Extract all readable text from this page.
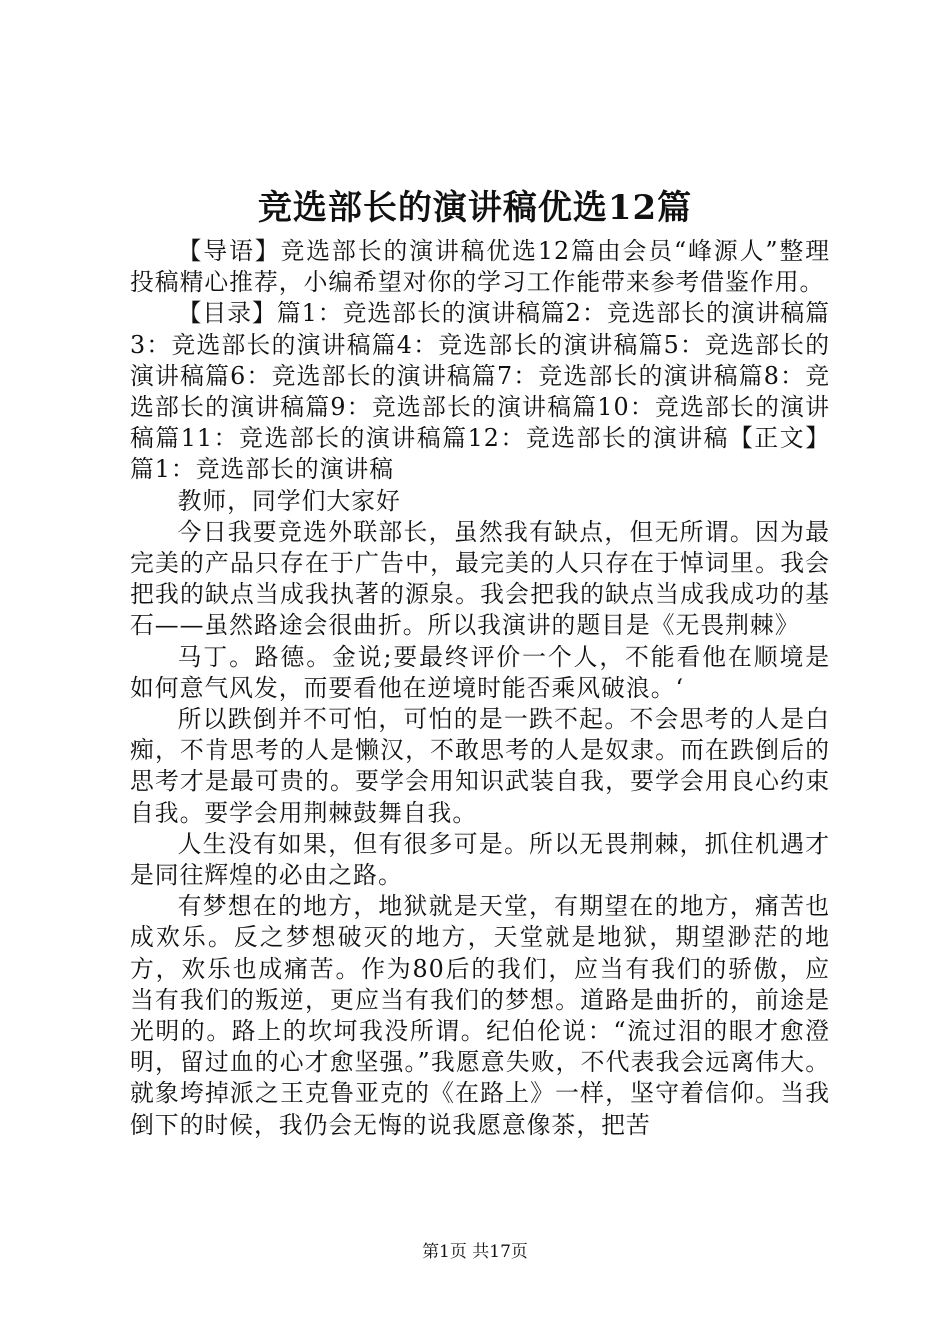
竞选部长的演讲稿优选12篇

【导语】竞选部长的演讲稿优选12篇由会员“峰源人”整理投稿精心推荐，小编希望对你的学习工作能带来参考借鉴作用。

【目录】篇1：竞选部长的演讲稿篇2：竞选部长的演讲稿篇3：竞选部长的演讲稿篇4：竞选部长的演讲稿篇5：竞选部长的演讲稿篇6：竞选部长的演讲稿篇7：竞选部长的演讲稿篇8：竞选部长的演讲稿篇9：竞选部长的演讲稿篇10：竞选部长的演讲稿篇11：竞选部长的演讲稿篇12：竞选部长的演讲稿【正文】篇1：竞选部长的演讲稿

教师，同学们大家好

今日我要竞选外联部长，虽然我有缺点，但无所谓。因为最完美的产品只存在于广告中，最完美的人只存在于悼词里。我会把我的缺点当成我执著的源泉。我会把我的缺点当成我成功的基石——虽然路途会很曲折。所以我演讲的题目是《无畏荆棘》

马丁。路德。金说;要最终评价一个人，不能看他在顺境是如何意气风发，而要看他在逆境时能否乘风破浪。‘

所以跌倒并不可怕，可怕的是一跌不起。不会思考的人是白痴，不肯思考的人是懒汉，不敢思考的人是奴隶。而在跌倒后的思考才是最可贵的。要学会用知识武装自我，要学会用良心约束自我。要学会用荆棘鼓舞自我。

人生没有如果，但有很多可是。所以无畏荆棘，抓住机遇才是同往辉煌的必由之路。

有梦想在的地方，地狱就是天堂，有期望在的地方，痛苦也成欢乐。反之梦想破灭的地方，天堂就是地狱，期望渺茫的地方，欢乐也成痛苦。作为80后的我们，应当有我们的骄傲，应当有我们的叛逆，更应当有我们的梦想。道路是曲折的，前途是光明的。路上的坎坷我没所谓。纪伯伦说：“流过泪的眼才愈澄明，留过血的心才愈坚强。”我愿意失败，不代表我会远离伟大。就象垮掉派之王克鲁亚克的《在路上》一样，坚守着信仰。当我倒下的时候，我仍会无悔的说我愿意像茶，把苦

第1页 共17页
